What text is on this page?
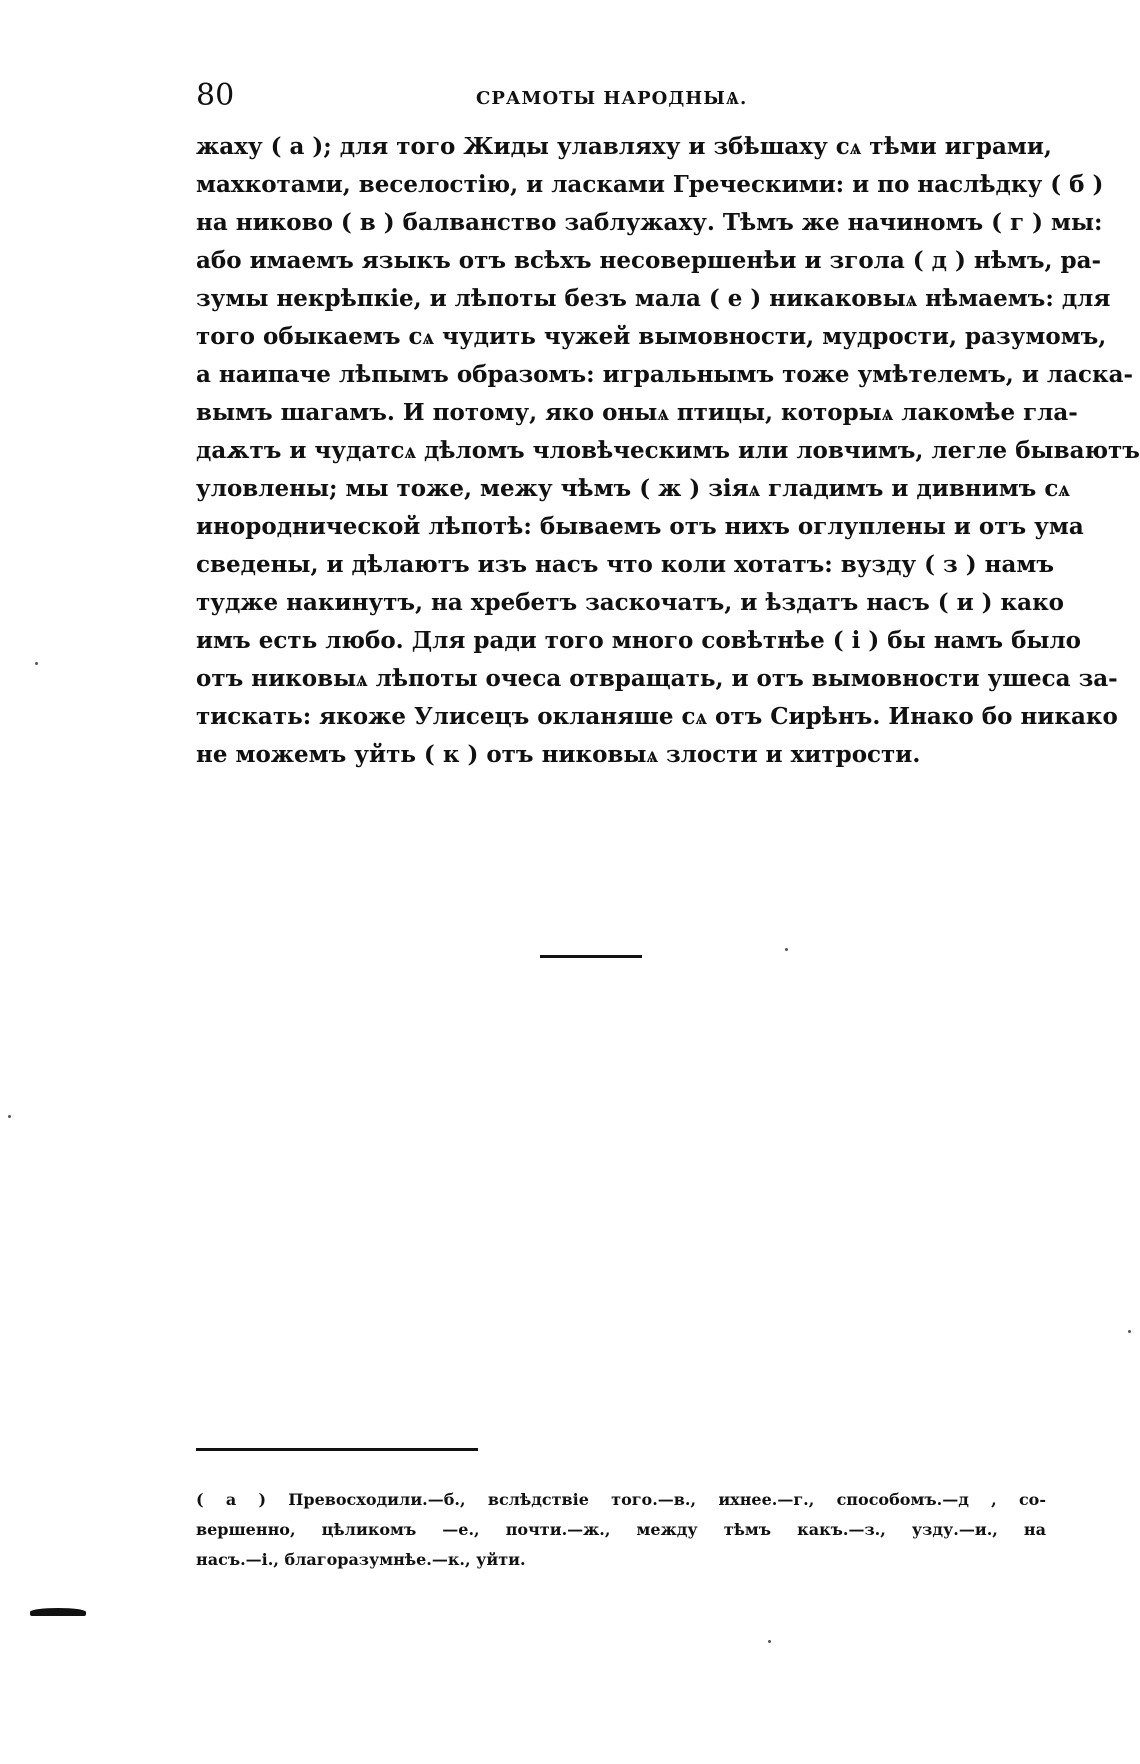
80	СРАМОТЫ НАРОДНЫѦ.
жаху ( а ); для того Жиды улавляху и збѣшаху сѧ тѣми играми,
махкотами, веселостію, и ласками Греческими: и по наслѣдку ( б )
на никово ( в ) балванство заблужаху. Тѣмъ же начиномъ ( г ) мы:
або имаемъ языкъ отъ всѣхъ несовершенѣи и згола ( д ) нѣмъ, ра-
зумы некрѣпкіе, и лѣпоты безъ мала ( е ) никаковыѧ нѣмаемъ: для
того обыкаемъ сѧ чудить чужей вымовности, мудрости, разумомъ,
а наипаче лѣпымъ образомъ: игральнымъ тоже умѣтелемъ, и ласка-
вымъ шагамъ. И потому, яко оныѧ птицы, которыѧ лакомѣе гла-
даѫтъ и чудатсѧ дѣломъ чловѣческимъ или ловчимъ, легле бываютъ
уловлены; мы тоже, межу чѣмъ ( ж ) зіяѧ гладимъ и дивнимъ сѧ
инороднической лѣпотѣ: бываемъ отъ нихъ оглуплены и отъ ума
сведены, и дѣлаютъ изъ насъ что коли хотатъ: вузду ( з ) намъ
тудже накинутъ, на хребетъ заскочатъ, и ѣздатъ насъ ( и ) како
имъ есть любо. Для ради того много совѣтнѣе ( і ) бы намъ было
отъ никовыѧ лѣпоты очеса отвращать, и отъ вымовности ушеса за-
тискать: якоже Улисецъ окланяше сѧ отъ Сирѣнъ. Инако бо никако
не можемъ уйть ( к ) отъ никовыѧ злости и хитрости.
( а ) Превосходили.—б., вслѣдствіе того.—в., ихнее.—г., способомъ.—д , со-
вершенно, цѣликомъ —е., почти.—ж., между тѣмъ какъ.—з., узду.—и., на
насъ.—і., благоразумнѣе.—к., уйти.
